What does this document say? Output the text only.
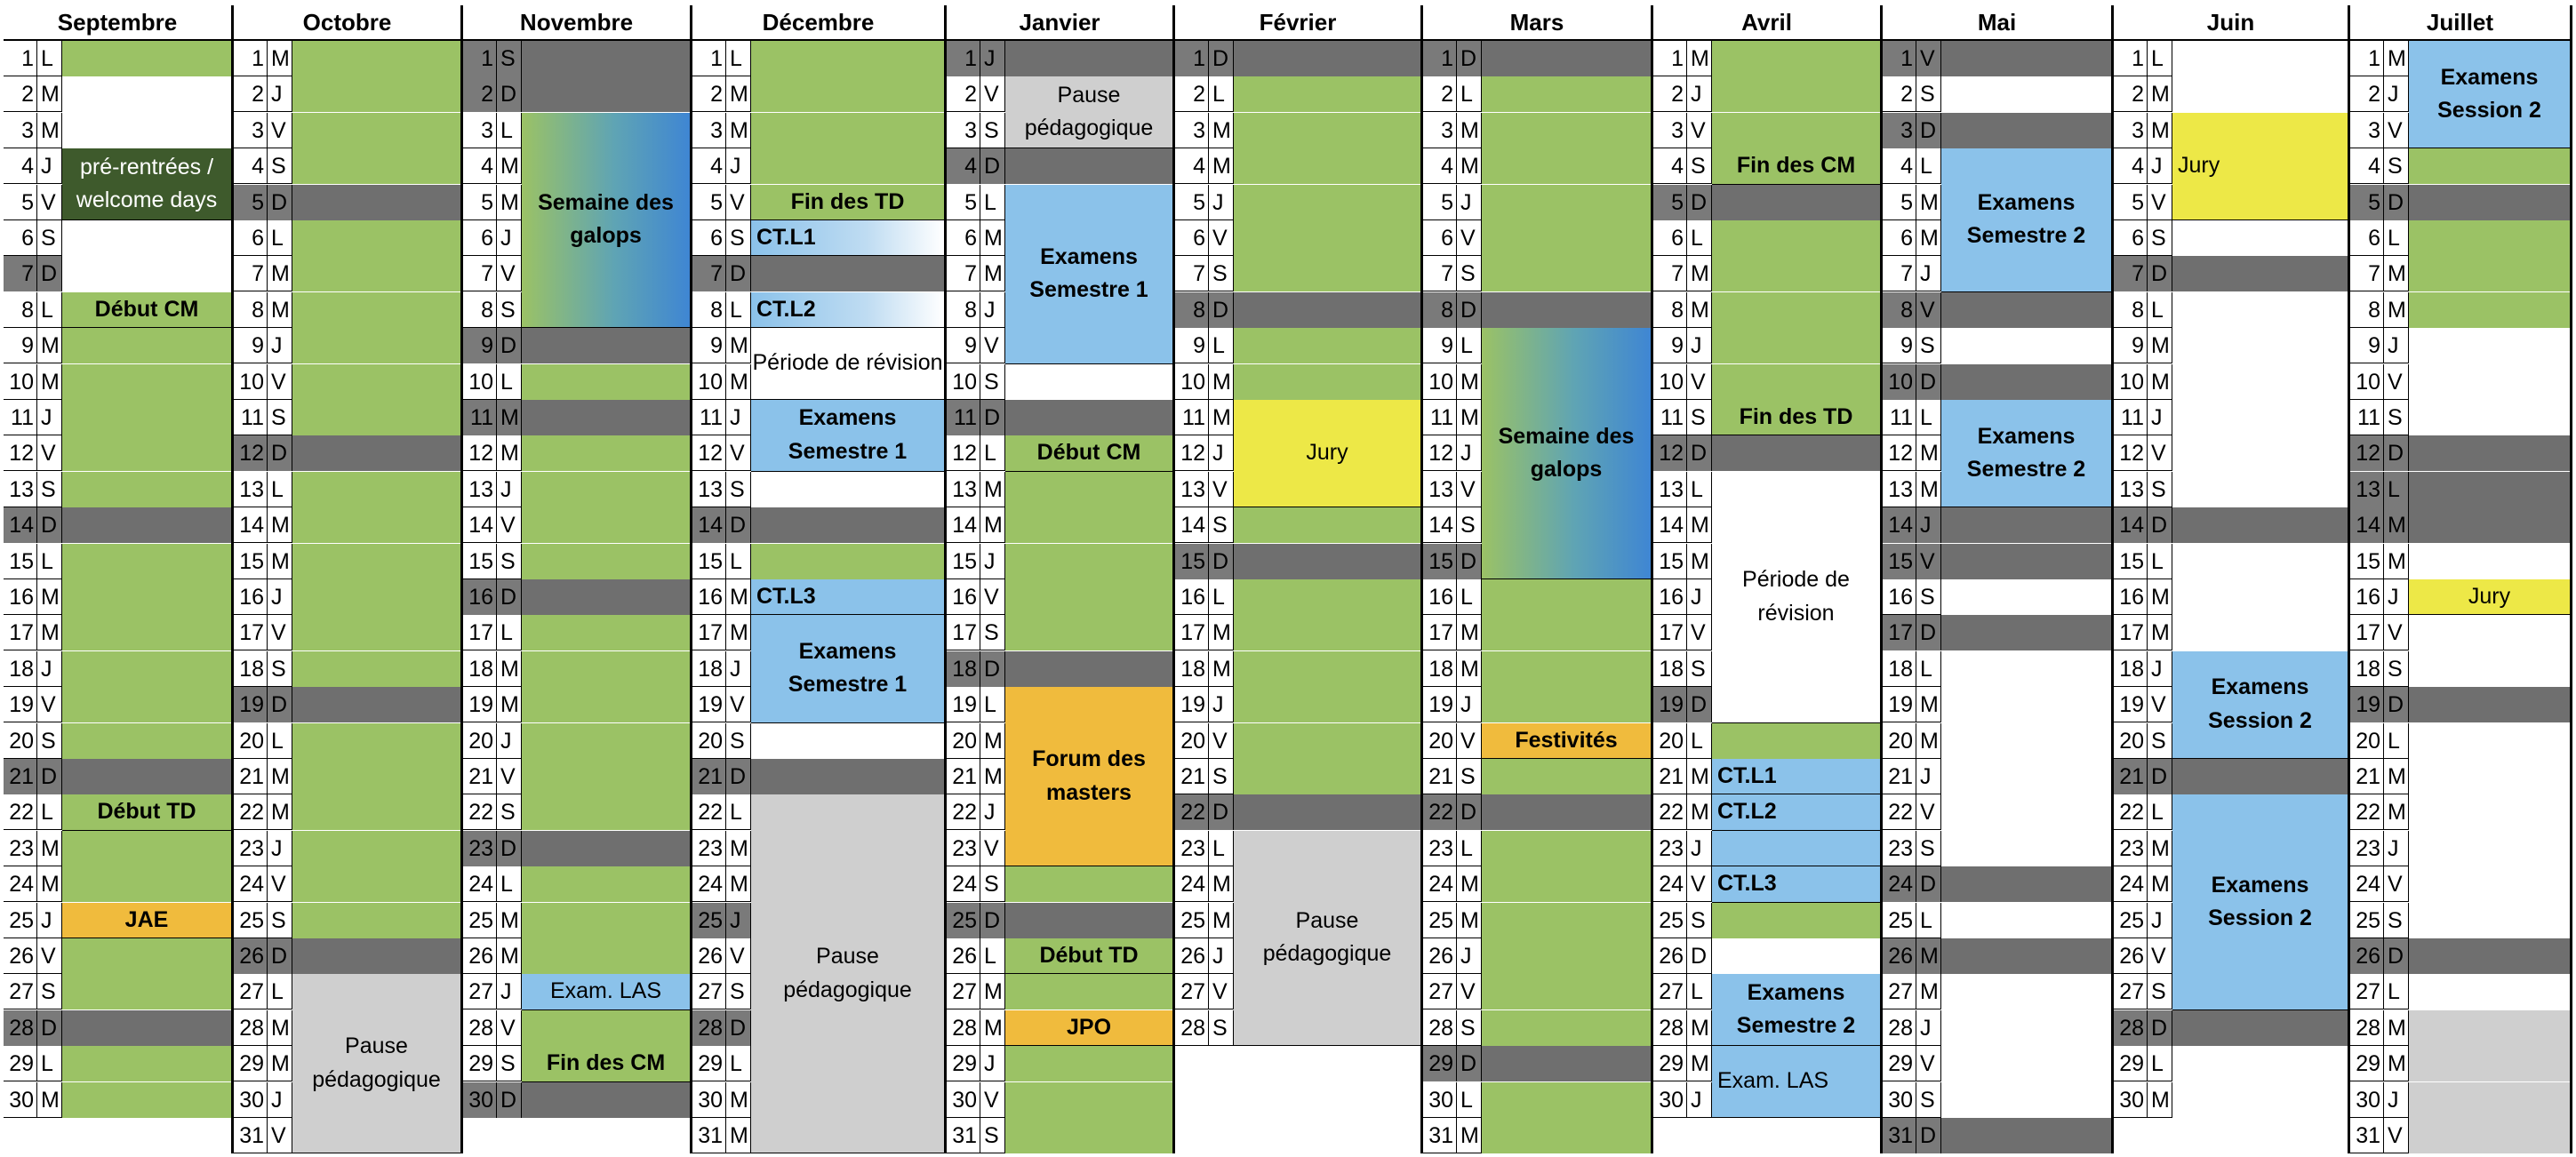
Septembre
1 L
2 M
3 M
4 J
5 V
6 S
7 D
8 L
9 M
10 M
11 J
12 V
13 S
14 D
15 L
16 M
17 M
18 J
19 V
20 S
21 D
22 L
23 M
24 M
25 J
26 V
27 S
28 D
29 L
30 M
pré-rentrées / welcome days
Début CM
Début TD
JAE
Octobre
1 M
2 J
3 V
4 S
5 D
6 L
7 M
8 M
9 J
10 V
11 S
12 D
13 L
14 M
15 M
16 J
17 V
18 S
19 D
20 L
21 M
22 M
23 J
24 V
25 S
26 D
27 L
28 M
29 M
30 J
31 V
Pause pédagogique
Novembre
1 S
2 D
3 L
4 M
5 M
6 J
7 V
8 S
9 D
10 L
11 M
12 M
13 J
14 V
15 S
16 D
17 L
18 M
19 M
20 J
21 V
22 S
23 D
24 L
25 M
26 M
27 J
28 V
29 S
30 D
Semaine des galops
Exam. LAS
Fin des CM
Décembre
1 L
2 M
3 M
4 J
5 V
6 S
7 D
8 L
9 M
10 M
11 J
12 V
13 S
14 D
15 L
16 M
17 M
18 J
19 V
20 S
21 D
22 L
23 M
24 M
25 J
26 V
27 S
28 D
29 L
30 M
31 M
Fin des TD
CT.L1
CT.L2
Période de révision
Examens Semestre 1
CT.L3
Examens Semestre 1
Pause pédagogique
Janvier
1 J
2 V
3 S
4 D
5 L
6 M
7 M
8 J
9 V
10 S
11 D
12 L
13 M
14 M
15 J
16 V
17 S
18 D
19 L
20 M
21 M
22 J
23 V
24 S
25 D
26 L
27 M
28 M
29 J
30 V
31 S
Pause pédagogique
Examens Semestre 1
Début CM
Forum des masters
Début TD
JPO
Février
1 D
2 L
3 M
4 M
5 J
6 V
7 S
8 D
9 L
10 M
11 M
12 J
13 V
14 S
15 D
16 L
17 M
18 M
19 J
20 V
21 S
22 D
23 L
24 M
25 M
26 J
27 V
28 S
Jury
Pause pédagogique
Mars
1 D
2 L
3 M
4 M
5 J
6 V
7 S
8 D
9 L
10 M
11 M
12 J
13 V
14 S
15 D
16 L
17 M
18 M
19 J
20 V
21 S
22 D
23 L
24 M
25 M
26 J
27 V
28 S
29 D
30 L
31 M
Semaine des galops
Festivités
Avril
1 M
2 J
3 V
4 S
5 D
6 L
7 M
8 M
9 J
10 V
11 S
12 D
13 L
14 M
15 M
16 J
17 V
18 S
19 D
20 L
21 M
22 M
23 J
24 V
25 S
26 D
27 L
28 M
29 M
30 J
Fin des CM
Fin des TD
Période de révision
CT.L1
CT.L2
CT.L3
Examens Semestre 2
Exam. LAS
Mai
1 V
2 S
3 D
4 L
5 M
6 M
7 J
8 V
9 S
10 D
11 L
12 M
13 M
14 J
15 V
16 S
17 D
18 L
19 M
20 M
21 J
22 V
23 S
24 D
25 L
26 M
27 M
28 J
29 V
30 S
31 D
Examens Semestre 2
Examens Semestre 2
Juin
1 L
2 M
3 M
4 J
5 V
6 S
7 D
8 L
9 M
10 M
11 J
12 V
13 S
14 D
15 L
16 M
17 M
18 J
19 V
20 S
21 D
22 L
23 M
24 M
25 J
26 V
27 S
28 D
29 L
30 M
Jury
Examens Session 2
Examens Session 2
Juillet
1 M
2 J
3 V
4 S
5 D
6 L
7 M
8 M
9 J
10 V
11 S
12 D
13 L
14 M
15 M
16 J
17 V
18 S
19 D
20 L
21 M
22 M
23 J
24 V
25 S
26 D
27 L
28 M
29 M
30 J
31 V
Examens Session 2
Jury
